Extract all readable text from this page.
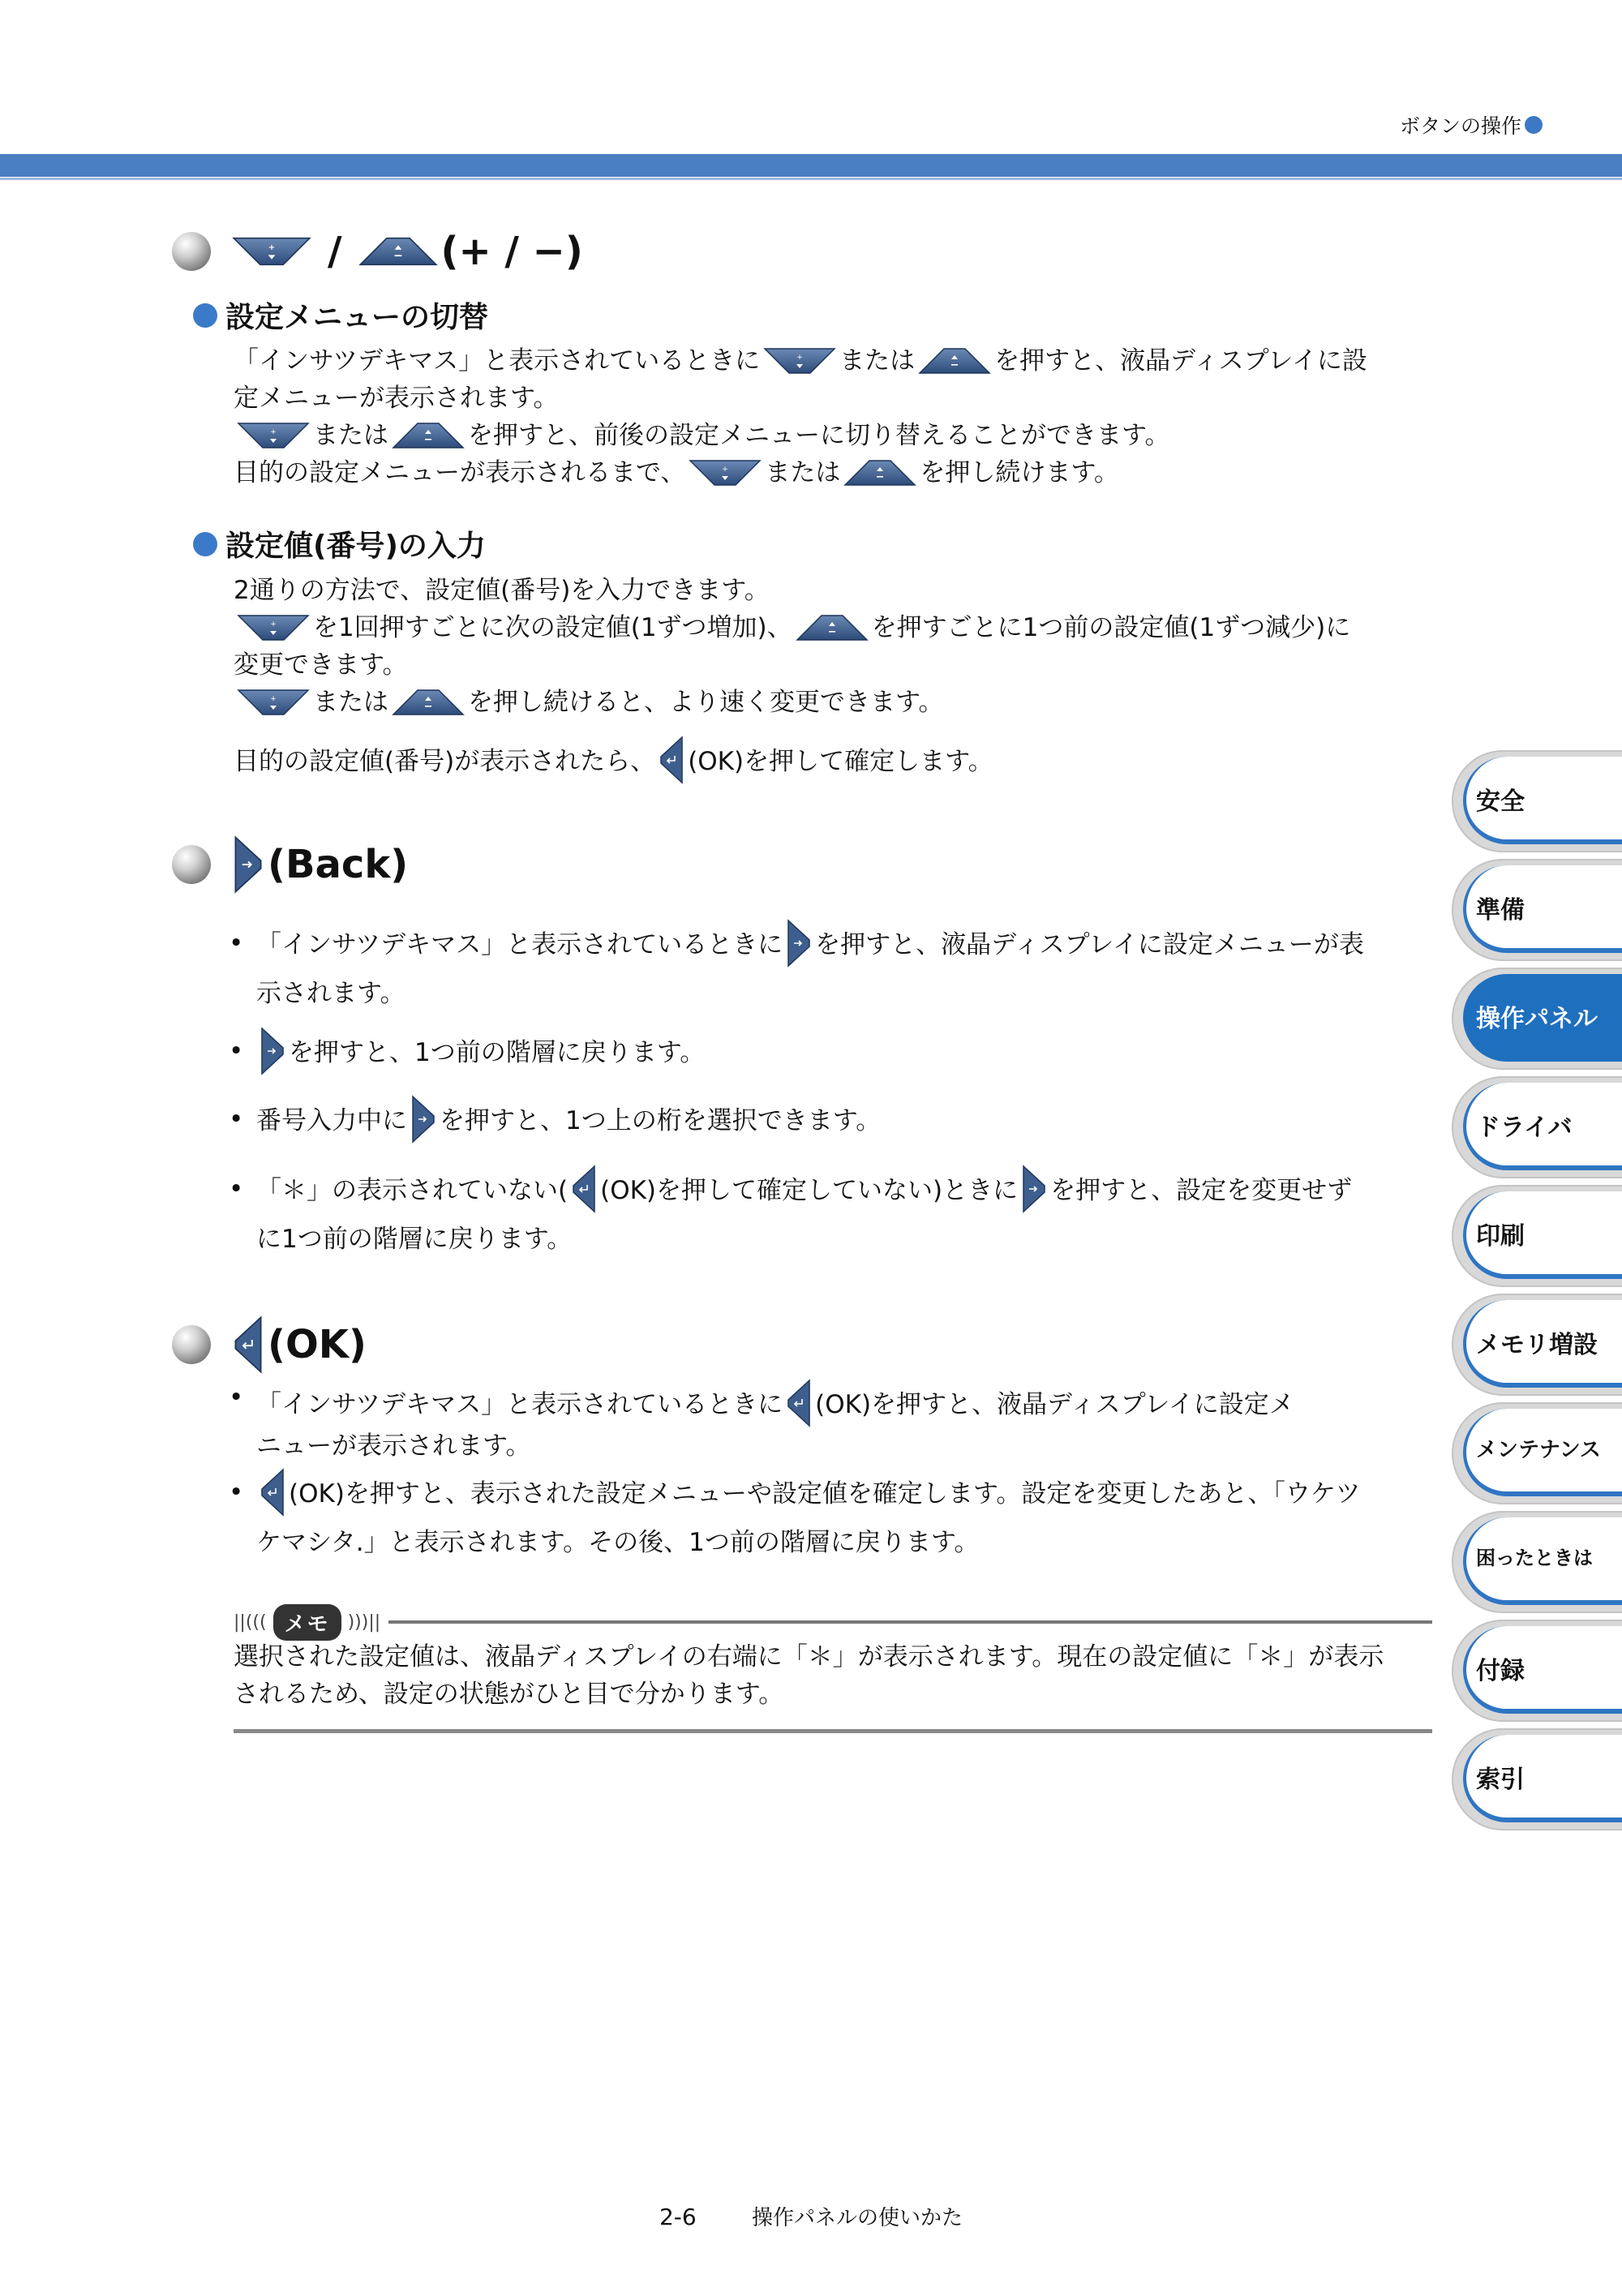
ボタンの操作
+ /	(+ / −)
設定メニューの切替
「インサツデキマス」と表示されているときに	+ または	を押すと、液晶ディスプレイに設
定メニューが表示されます。
+ または	を押すと、前後の設定メニューに切り替えることができます。
目的の設定メニューが表示されるまで、	+ または	を押し続けます。
設定値(番号)の入力
2通りの方法で、設定値(番号)を入力できます。
+ を1回押すごとに次の設定値(1ずつ増加)、	を押すごとに1つ前の設定値(1ずつ減少)に
変更できます。
+ または	を押し続けると、より速く変更できます。
目的の設定値(番号)が表示されたら、 (OK)を押して確定します。
(Back)
• 「インサツデキマス」と表示されているときに を押すと、液晶ディスプレイに設定メニューが表
示されます。
•	を押すと、1つ前の階層に戻ります。
• 番号入力中に を押すと、1つ上の桁を選択できます。
• 「＊」の表示されていない( (OK)を押して確定していない)ときに を押すと、設定を変更せず
に1つ前の階層に戻ります。
(OK)
• 「インサツデキマス」と表示されているときに (OK)を押すと、液晶ディスプレイに設定メ
ニューが表示されます。
•	(OK)を押すと、表示された設定メニューや設定値を確定します。設定を変更したあと、「ウケツ
ケマシタ.」と表示されます。その後、1つ前の階層に戻ります。
||((( メモ	)))||
選択された設定値は、液晶ディスプレイの右端に「＊」が表示されます。現在の設定値に「＊」が表示
されるため、設定の状態がひと目で分かります。
安全
準備
操作パネル
ドライバ
印刷
メモリ増設
メンテナンス
困ったときは
付録
索引
2-6	操作パネルの使いかた
